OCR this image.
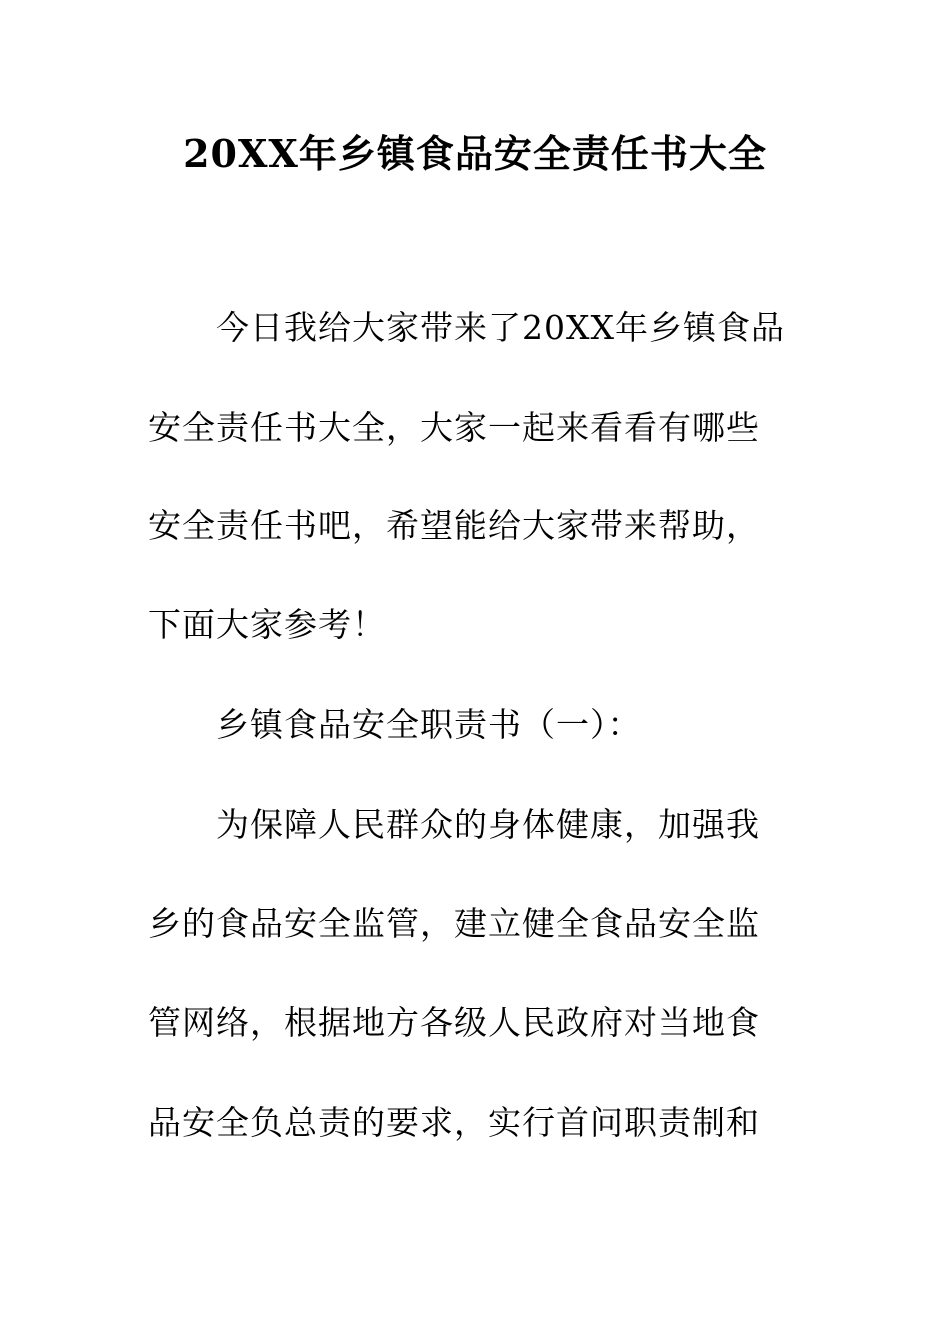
20XX年乡镇食品安全责任书大全
今日我给大家带来了20XX年乡镇食品
安全责任书大全，大家一起来看看有哪些
安全责任书吧，希望能给大家带来帮助，
下面大家参考！
乡镇食品安全职责书（一）：
为保障人民群众的身体健康，加强我
乡的食品安全监管，建立健全食品安全监
管网络，根据地方各级人民政府对当地食
品安全负总责的要求，实行首问职责制和
